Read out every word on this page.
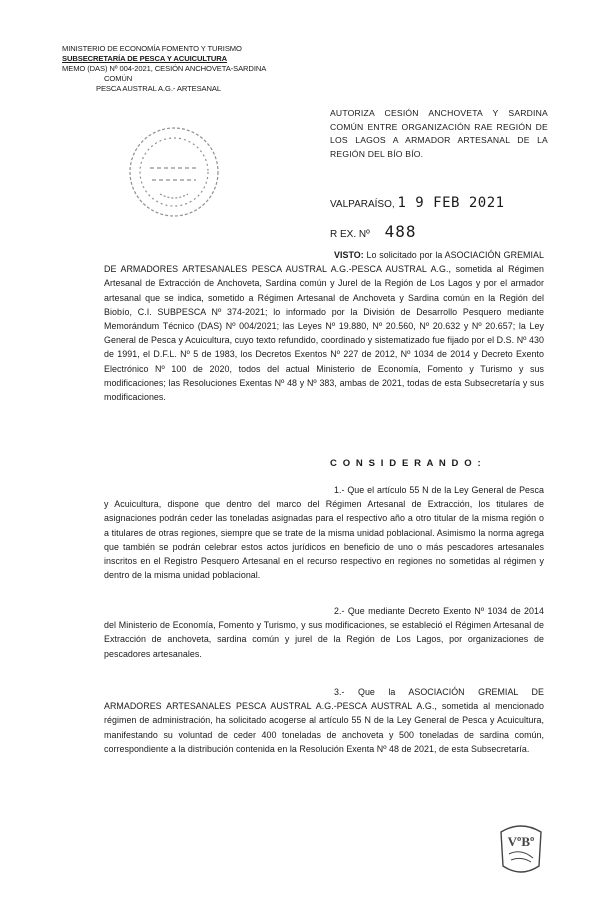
MINISTERIO DE ECONOMÍA FOMENTO Y TURISMO
SUBSECRETARÍA DE PESCA Y ACUICULTURA
MEMO (DAS) Nº 004-2021, CESIÓN ANCHOVETA-SARDINA
COMÚN
PESCA AUSTRAL A.G.- ARTESANAL
AUTORIZA CESIÓN ANCHOVETA Y SARDINA COMÚN ENTRE ORGANIZACIÓN RAE REGIÓN DE LOS LAGOS A ARMADOR ARTESANAL DE LA REGIÓN DEL BÍO BÍO.
VALPARAÍSO, 1 9 FEB 2021
R EX. Nº 488
VISTO: Lo solicitado por la ASOCIACIÓN GREMIAL DE ARMADORES ARTESANALES PESCA AUSTRAL A.G.-PESCA AUSTRAL A.G., sometida al Régimen Artesanal de Extracción de Anchoveta, Sardina común y Jurel de la Región de Los Lagos y por el armador artesanal que se indica, sometido a Régimen Artesanal de Anchoveta y Sardina común en la Región del Biobío, C.I. SUBPESCA Nº 374-2021; lo informado por la División de Desarrollo Pesquero mediante Memorándum Técnico (DAS) Nº 004/2021; las Leyes Nº 19.880, Nº 20.560, Nº 20.632 y Nº 20.657; la Ley General de Pesca y Acuicultura, cuyo texto refundido, coordinado y sistematizado fue fijado por el D.S. Nº 430 de 1991, el D.F.L. Nº 5 de 1983, los Decretos Exentos Nº 227 de 2012, Nº 1034 de 2014 y Decreto Exento Electrónico Nº 100 de 2020, todos del actual Ministerio de Economía, Fomento y Turismo y sus modificaciones; las Resoluciones Exentas Nº 48 y Nº 383, ambas de 2021, todas de esta Subsecretaría y sus modificaciones.
C O N S I D E R A N D O :
1.- Que el artículo 55 N de la Ley General de Pesca y Acuicultura, dispone que dentro del marco del Régimen Artesanal de Extracción, los titulares de asignaciones podrán ceder las toneladas asignadas para el respectivo año a otro titular de la misma región o a titulares de otras regiones, siempre que se trate de la misma unidad poblacional. Asimismo la norma agrega que también se podrán celebrar estos actos jurídicos en beneficio de uno o más pescadores artesanales inscritos en el Registro Pesquero Artesanal en el recurso respectivo en regiones no sometidas al régimen y dentro de la misma unidad poblacional.
2.- Que mediante Decreto Exento Nº 1034 de 2014 del Ministerio de Economía, Fomento y Turismo, y sus modificaciones, se estableció el Régimen Artesanal de Extracción de anchoveta, sardina común y jurel de la Región de Los Lagos, por organizaciones de pescadores artesanales.
3.- Que la ASOCIACIÓN GREMIAL DE ARMADORES ARTESANALES PESCA AUSTRAL A.G.-PESCA AUSTRAL A.G., sometida al mencionado régimen de administración, ha solicitado acogerse al artículo 55 N de la Ley General de Pesca y Acuicultura, manifestando su voluntad de ceder 400 toneladas de anchoveta y 500 toneladas de sardina común, correspondiente a la distribución contenida en la Resolución Exenta Nº 48 de 2021, de esta Subsecretaría.
VºBº
